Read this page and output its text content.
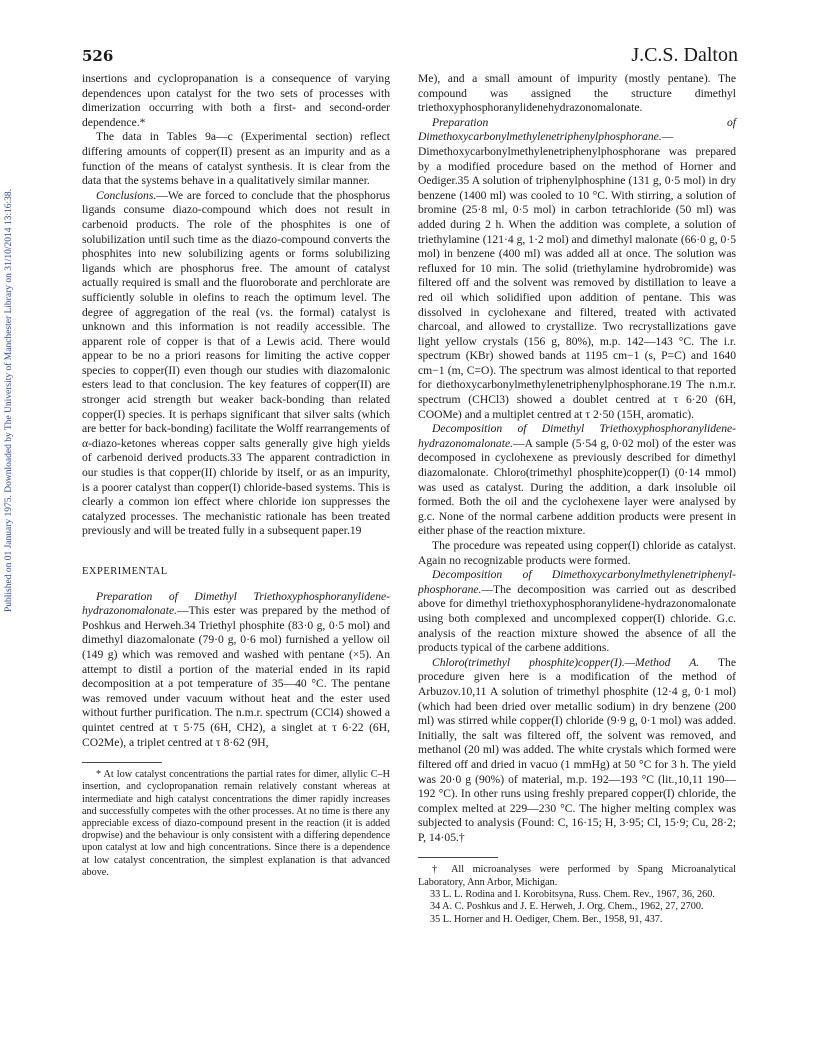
526	J.C.S. Dalton
Published on 01 January 1975. Downloaded by The University of Manchester Library on 31/10/2014 13:16:38.

insertions and cyclopropanation is a consequence of varying dependences upon catalyst for the two sets of processes with dimerization occurring with both a first- and second-order dependence.*

The data in Tables 9a—c (Experimental section) reflect differing amounts of copper(II) present as an impurity and as a function of the means of catalyst synthesis. It is clear from the data that the systems behave in a qualitatively similar manner.

Conclusions.—We are forced to conclude that the phosphorus ligands consume diazo-compound which does not result in carbenoid products. The role of the phosphites is one of solubilization until such time as the diazo-compound converts the phosphites into new solubilizing agents or forms solubilizing ligands which are phosphorus free. The amount of catalyst actually required is small and the fluoroborate and perchlorate are sufficiently soluble in olefins to reach the optimum level. The degree of aggregation of the real (vs. the formal) catalyst is unknown and this information is not readily accessible. The apparent role of copper is that of a Lewis acid. There would appear to be no a priori reasons for limiting the active copper species to copper(II) even though our studies with diazomalonic esters lead to that conclusion. The key features of copper(II) are stronger acid strength but weaker back-bonding than related copper(I) species. It is perhaps significant that silver salts (which are better for back-bonding) facilitate the Wolff rearrangements of α-diazo-ketones whereas copper salts generally give high yields of carbenoid derived products.33 The apparent contradiction in our studies is that copper(II) chloride by itself, or as an impurity, is a poorer catalyst than copper(I) chloride-based systems. This is clearly a common ion effect where chloride ion suppresses the catalyzed processes. The mechanistic rationale has been treated previously and will be treated fully in a subsequent paper.19

EXPERIMENTAL

Preparation of Dimethyl Triethoxyphosphoranylidene-hydrazonomalonate.—This ester was prepared by the method of Poshkus and Herweh.34 Triethyl phosphite (83·0 g, 0·5 mol) and dimethyl diazomalonate (79·0 g, 0·6 mol) furnished a yellow oil (149 g) which was removed and washed with pentane (×5). An attempt to distil a portion of the material ended in its rapid decomposition at a pot temperature of 35—40 °C. The pentane was removed under vacuum without heat and the ester used without further purification. The n.m.r. spectrum (CCl4) showed a quintet centred at τ 5·75 (6H, CH2), a singlet at τ 6·22 (6H, CO2Me), a triplet centred at τ 8·62 (9H,

* At low catalyst concentrations the partial rates for dimer, allylic C–H insertion, and cyclopropanation remain relatively constant whereas at intermediate and high catalyst concentrations the dimer rapidly increases and successfully competes with the other processes. At no time is there any appreciable excess of diazo-compound present in the reaction (it is added dropwise) and the behaviour is only consistent with a differing dependence upon catalyst at low and high concentrations. Since there is a dependence at low catalyst concentration, the simplest explanation is that advanced above.

Me), and a small amount of impurity (mostly pentane). The compound was assigned the structure dimethyl triethoxyphosphoranylidenehydrazonomalonate.

Preparation of Dimethoxycarbonylmethylenetriphenylphosphorane.— Dimethoxycarbonylmethylenetriphenylphosphorane was prepared by a modified procedure based on the method of Horner and Oediger.35 A solution of triphenylphosphine (131 g, 0·5 mol) in dry benzene (1400 ml) was cooled to 10 °C. With stirring, a solution of bromine (25·8 ml, 0·5 mol) in carbon tetrachloride (50 ml) was added during 2 h. When the addition was complete, a solution of triethylamine (121·4 g, 1·2 mol) and dimethyl malonate (66·0 g, 0·5 mol) in benzene (400 ml) was added all at once. The solution was refluxed for 10 min. The solid (triethylamine hydrobromide) was filtered off and the solvent was removed by distillation to leave a red oil which solidified upon addition of pentane. This was dissolved in cyclohexane and filtered, treated with activated charcoal, and allowed to crystallize. Two recrystallizations gave light yellow crystals (156 g, 80%), m.p. 142—143 °C. The i.r. spectrum (KBr) showed bands at 1195 cm−1 (s, P=C) and 1640 cm−1 (m, C=O). The spectrum was almost identical to that reported for diethoxycarbonylmethylenetriphenylphosphorane.19 The n.m.r. spectrum (CHCl3) showed a doublet centred at τ 6·20 (6H, COOMe) and a multiplet centred at τ 2·50 (15H, aromatic).

Decomposition of Dimethyl Triethoxyphosphoranylidene-hydrazonomalonate.—A sample (5·54 g, 0·02 mol) of the ester was decomposed in cyclohexene as previously described for dimethyl diazomalonate. Chloro(trimethyl phosphite)copper(I) (0·14 mmol) was used as catalyst. During the addition, a dark insoluble oil formed. Both the oil and the cyclohexene layer were analysed by g.c. None of the normal carbene addition products were present in either phase of the reaction mixture.

The procedure was repeated using copper(I) chloride as catalyst. Again no recognizable products were formed.

Decomposition of Dimethoxycarbonylmethylenetriphenyl-phosphorane.—The decomposition was carried out as described above for dimethyl triethoxyphosphoranylidene-hydrazonomalonate using both complexed and uncomplexed copper(I) chloride. G.c. analysis of the reaction mixture showed the absence of all the products typical of the carbene additions.

Chloro(trimethyl phosphite)copper(I).—Method A. The procedure given here is a modification of the method of Arbuzov.10,11 A solution of trimethyl phosphite (12·4 g, 0·1 mol) (which had been dried over metallic sodium) in dry benzene (200 ml) was stirred while copper(I) chloride (9·9 g, 0·1 mol) was added. Initially, the salt was filtered off, the solvent was removed, and methanol (20 ml) was added. The white crystals which formed were filtered off and dried in vacuo (1 mmHg) at 50 °C for 3 h. The yield was 20·0 g (90%) of material, m.p. 192—193 °C (lit.,10,11 190—192 °C). In other runs using freshly prepared copper(I) chloride, the complex melted at 229—230 °C. The higher melting complex was subjected to analysis (Found: C, 16·15; H, 3·95; Cl, 15·9; Cu, 28·2; P, 14·05.†

† All microanalyses were performed by Spang Microanalytical Laboratory, Ann Arbor, Michigan.

33 L. L. Rodina and I. Korobitsyna, Russ. Chem. Rev., 1967, 36, 260.

34 A. C. Poshkus and J. E. Herweh, J. Org. Chem., 1962, 27, 2700.

35 L. Horner and H. Oediger, Chem. Ber., 1958, 91, 437.
